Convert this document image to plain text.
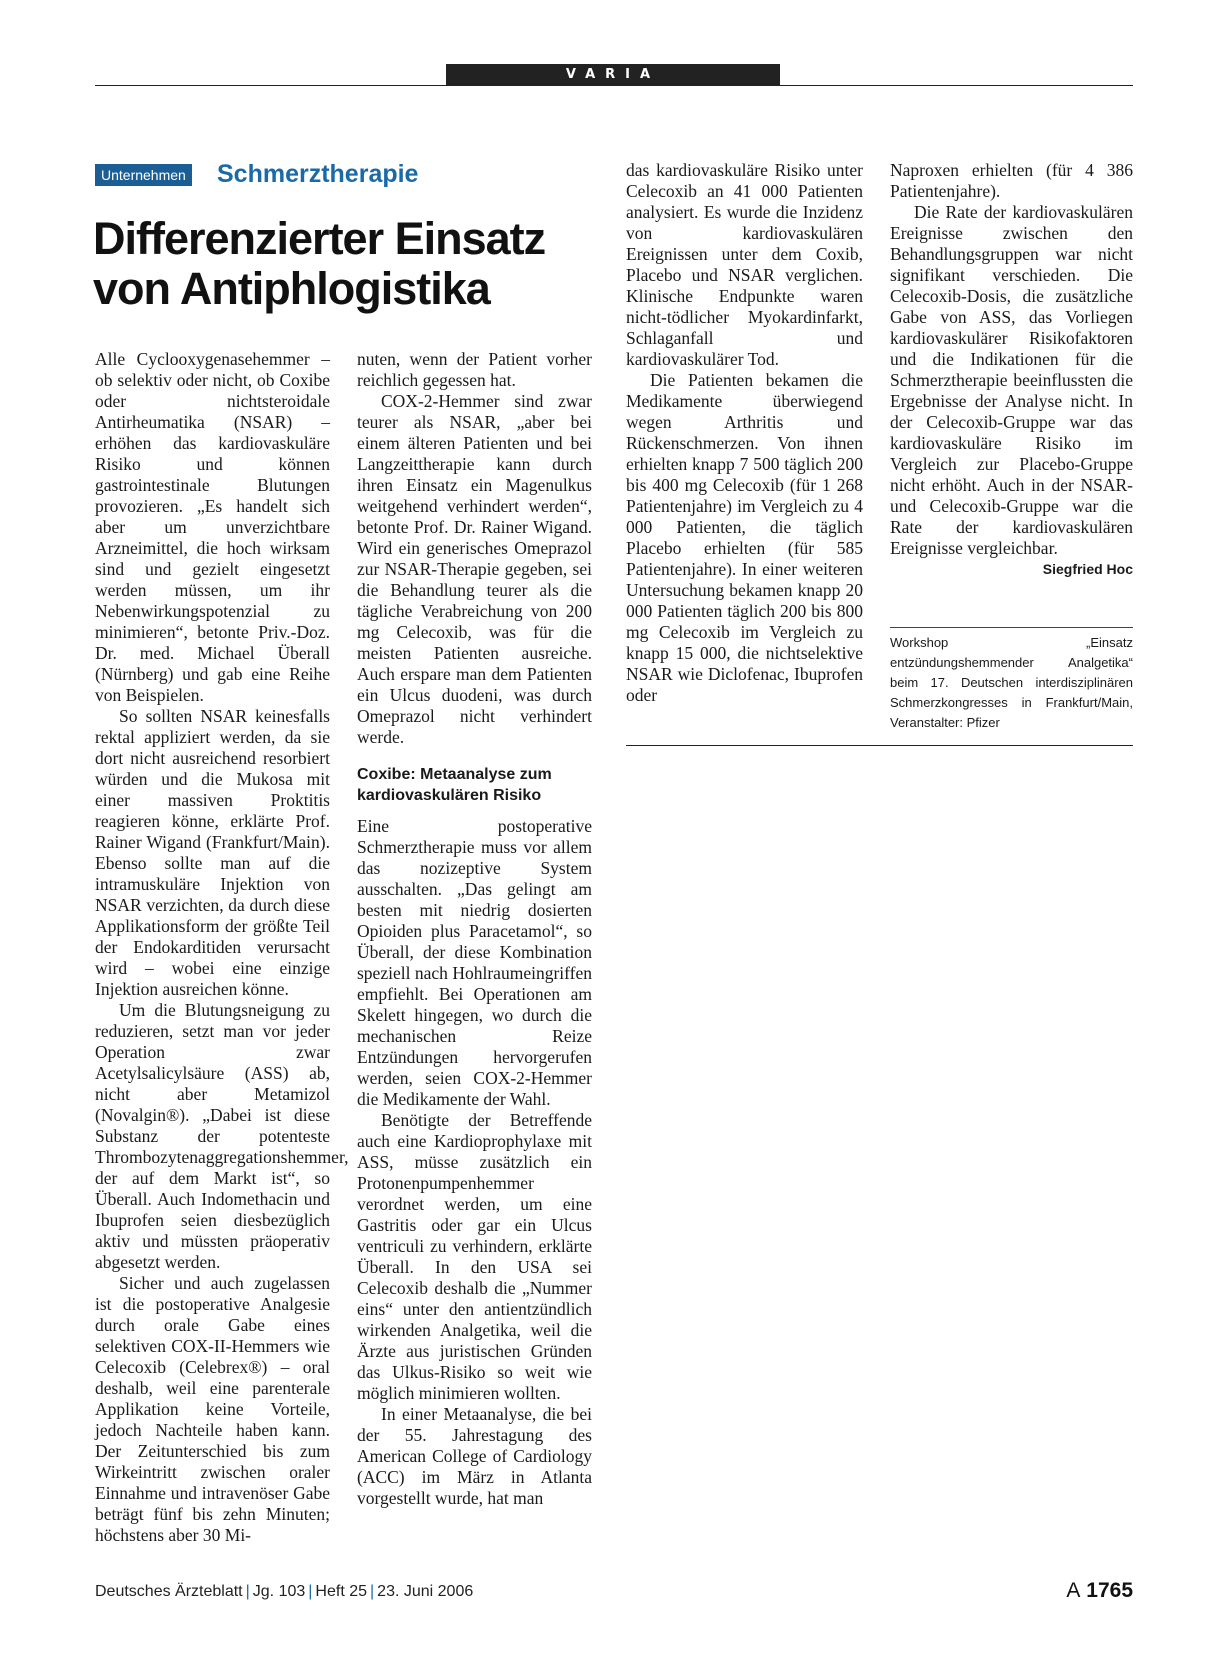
VARIA
Unternehmen Schmerztherapie
Differenzierter Einsatz
von Antiphlogistika

Alle Cyclooxygenasehemmer – ob selektiv oder nicht, ob Coxibe oder nichtsteroidale Antirheumatika (NSAR) – erhöhen das kardiovaskuläre Risiko und können gastrointestinale Blutungen provozieren. „Es handelt sich aber um unverzichtbare Arzneimittel, die hoch wirksam sind und gezielt eingesetzt werden müssen, um ihr Nebenwirkungspotenzial zu minimieren“, betonte Priv.-Doz. Dr. med. Michael Überall (Nürnberg) und gab eine Reihe von Beispielen.

So sollten NSAR keinesfalls rektal appliziert werden, da sie dort nicht ausreichend resorbiert würden und die Mukosa mit einer massiven Proktitis reagieren könne, erklärte Prof. Rainer Wigand (Frankfurt/Main). Ebenso sollte man auf die intramuskuläre Injektion von NSAR verzichten, da durch diese Applikationsform der größte Teil der Endokarditiden verursacht wird – wobei eine einzige Injektion ausreichen könne.

Um die Blutungsneigung zu reduzieren, setzt man vor jeder Operation zwar Acetylsalicylsäure (ASS) ab, nicht aber Metamizol (Novalgin®). „Dabei ist diese Substanz der potenteste Thrombozytenaggregationshemmer, der auf dem Markt ist“, so Überall. Auch Indomethacin und Ibuprofen seien diesbezüglich aktiv und müssten präoperativ abgesetzt werden.

Sicher und auch zugelassen ist die postoperative Analgesie durch orale Gabe eines selektiven COX-II-Hemmers wie Celecoxib (Celebrex®) – oral deshalb, weil eine parenterale Applikation keine Vorteile, jedoch Nachteile haben kann. Der Zeitunterschied bis zum Wirkeintritt zwischen oraler Einnahme und intravenöser Gabe beträgt fünf bis zehn Minuten; höchstens aber 30 Mi-

nuten, wenn der Patient vorher reichlich gegessen hat.

COX-2-Hemmer sind zwar teurer als NSAR, „aber bei einem älteren Patienten und bei Langzeittherapie kann durch ihren Einsatz ein Magenulkus weitgehend verhindert werden“, betonte Prof. Dr. Rainer Wigand. Wird ein generisches Omeprazol zur NSAR-Therapie gegeben, sei die Behandlung teurer als die tägliche Verabreichung von 200 mg Celecoxib, was für die meisten Patienten ausreiche. Auch erspare man dem Patienten ein Ulcus duodeni, was durch Omeprazol nicht verhindert werde.

Coxibe: Metaanalyse zum kardiovaskulären Risiko

Eine postoperative Schmerztherapie muss vor allem das nozizeptive System ausschalten. „Das gelingt am besten mit niedrig dosierten Opioiden plus Paracetamol“, so Überall, der diese Kombination speziell nach Hohlraumeingriffen empfiehlt. Bei Operationen am Skelett hingegen, wo durch die mechanischen Reize Entzündungen hervorgerufen werden, seien COX-2-Hemmer die Medikamente der Wahl.

Benötigte der Betreffende auch eine Kardioprophylaxe mit ASS, müsse zusätzlich ein Protonenpumpenhemmer verordnet werden, um eine Gastritis oder gar ein Ulcus ventriculi zu verhindern, erklärte Überall. In den USA sei Celecoxib deshalb die „Nummer eins“ unter den antientzündlich wirkenden Analgetika, weil die Ärzte aus juristischen Gründen das Ulkus-Risiko so weit wie möglich minimieren wollten.

In einer Metaanalyse, die bei der 55. Jahrestagung des American College of Cardiology (ACC) im März in Atlanta vorgestellt wurde, hat man

das kardiovaskuläre Risiko unter Celecoxib an 41 000 Patienten analysiert. Es wurde die Inzidenz von kardiovaskulären Ereignissen unter dem Coxib, Placebo und NSAR verglichen. Klinische Endpunkte waren nicht-tödlicher Myokardinfarkt, Schlaganfall und kardiovaskulärer Tod.

Die Patienten bekamen die Medikamente überwiegend wegen Arthritis und Rückenschmerzen. Von ihnen erhielten knapp 7 500 täglich 200 bis 400 mg Celecoxib (für 1 268 Patientenjahre) im Vergleich zu 4 000 Patienten, die täglich Placebo erhielten (für 585 Patientenjahre). In einer weiteren Untersuchung bekamen knapp 20 000 Patienten täglich 200 bis 800 mg Celecoxib im Vergleich zu knapp 15 000, die nichtselektive NSAR wie Diclofenac, Ibuprofen oder

Naproxen erhielten (für 4 386 Patientenjahre).

Die Rate der kardiovaskulären Ereignisse zwischen den Behandlungsgruppen war nicht signifikant verschieden. Die Celecoxib-Dosis, die zusätzliche Gabe von ASS, das Vorliegen kardiovaskulärer Risikofaktoren und die Indikationen für die Schmerztherapie beeinflussten die Ergebnisse der Analyse nicht. In der Celecoxib-Gruppe war das kardiovaskuläre Risiko im Vergleich zur Placebo-Gruppe nicht erhöht. Auch in der NSAR- und Celecoxib-Gruppe war die Rate der kardiovaskulären Ereignisse vergleichbar.
Siegfried Hoc

Workshop „Einsatz entzündungshemmender Analgetika“ beim 17. Deutschen interdisziplinären Schmerzkongresses in Frankfurt/Main, Veranstalter: Pfizer
Deutsches Ärzteblatt | Jg. 103 | Heft 25 | 23. Juni 2006	A 1765
